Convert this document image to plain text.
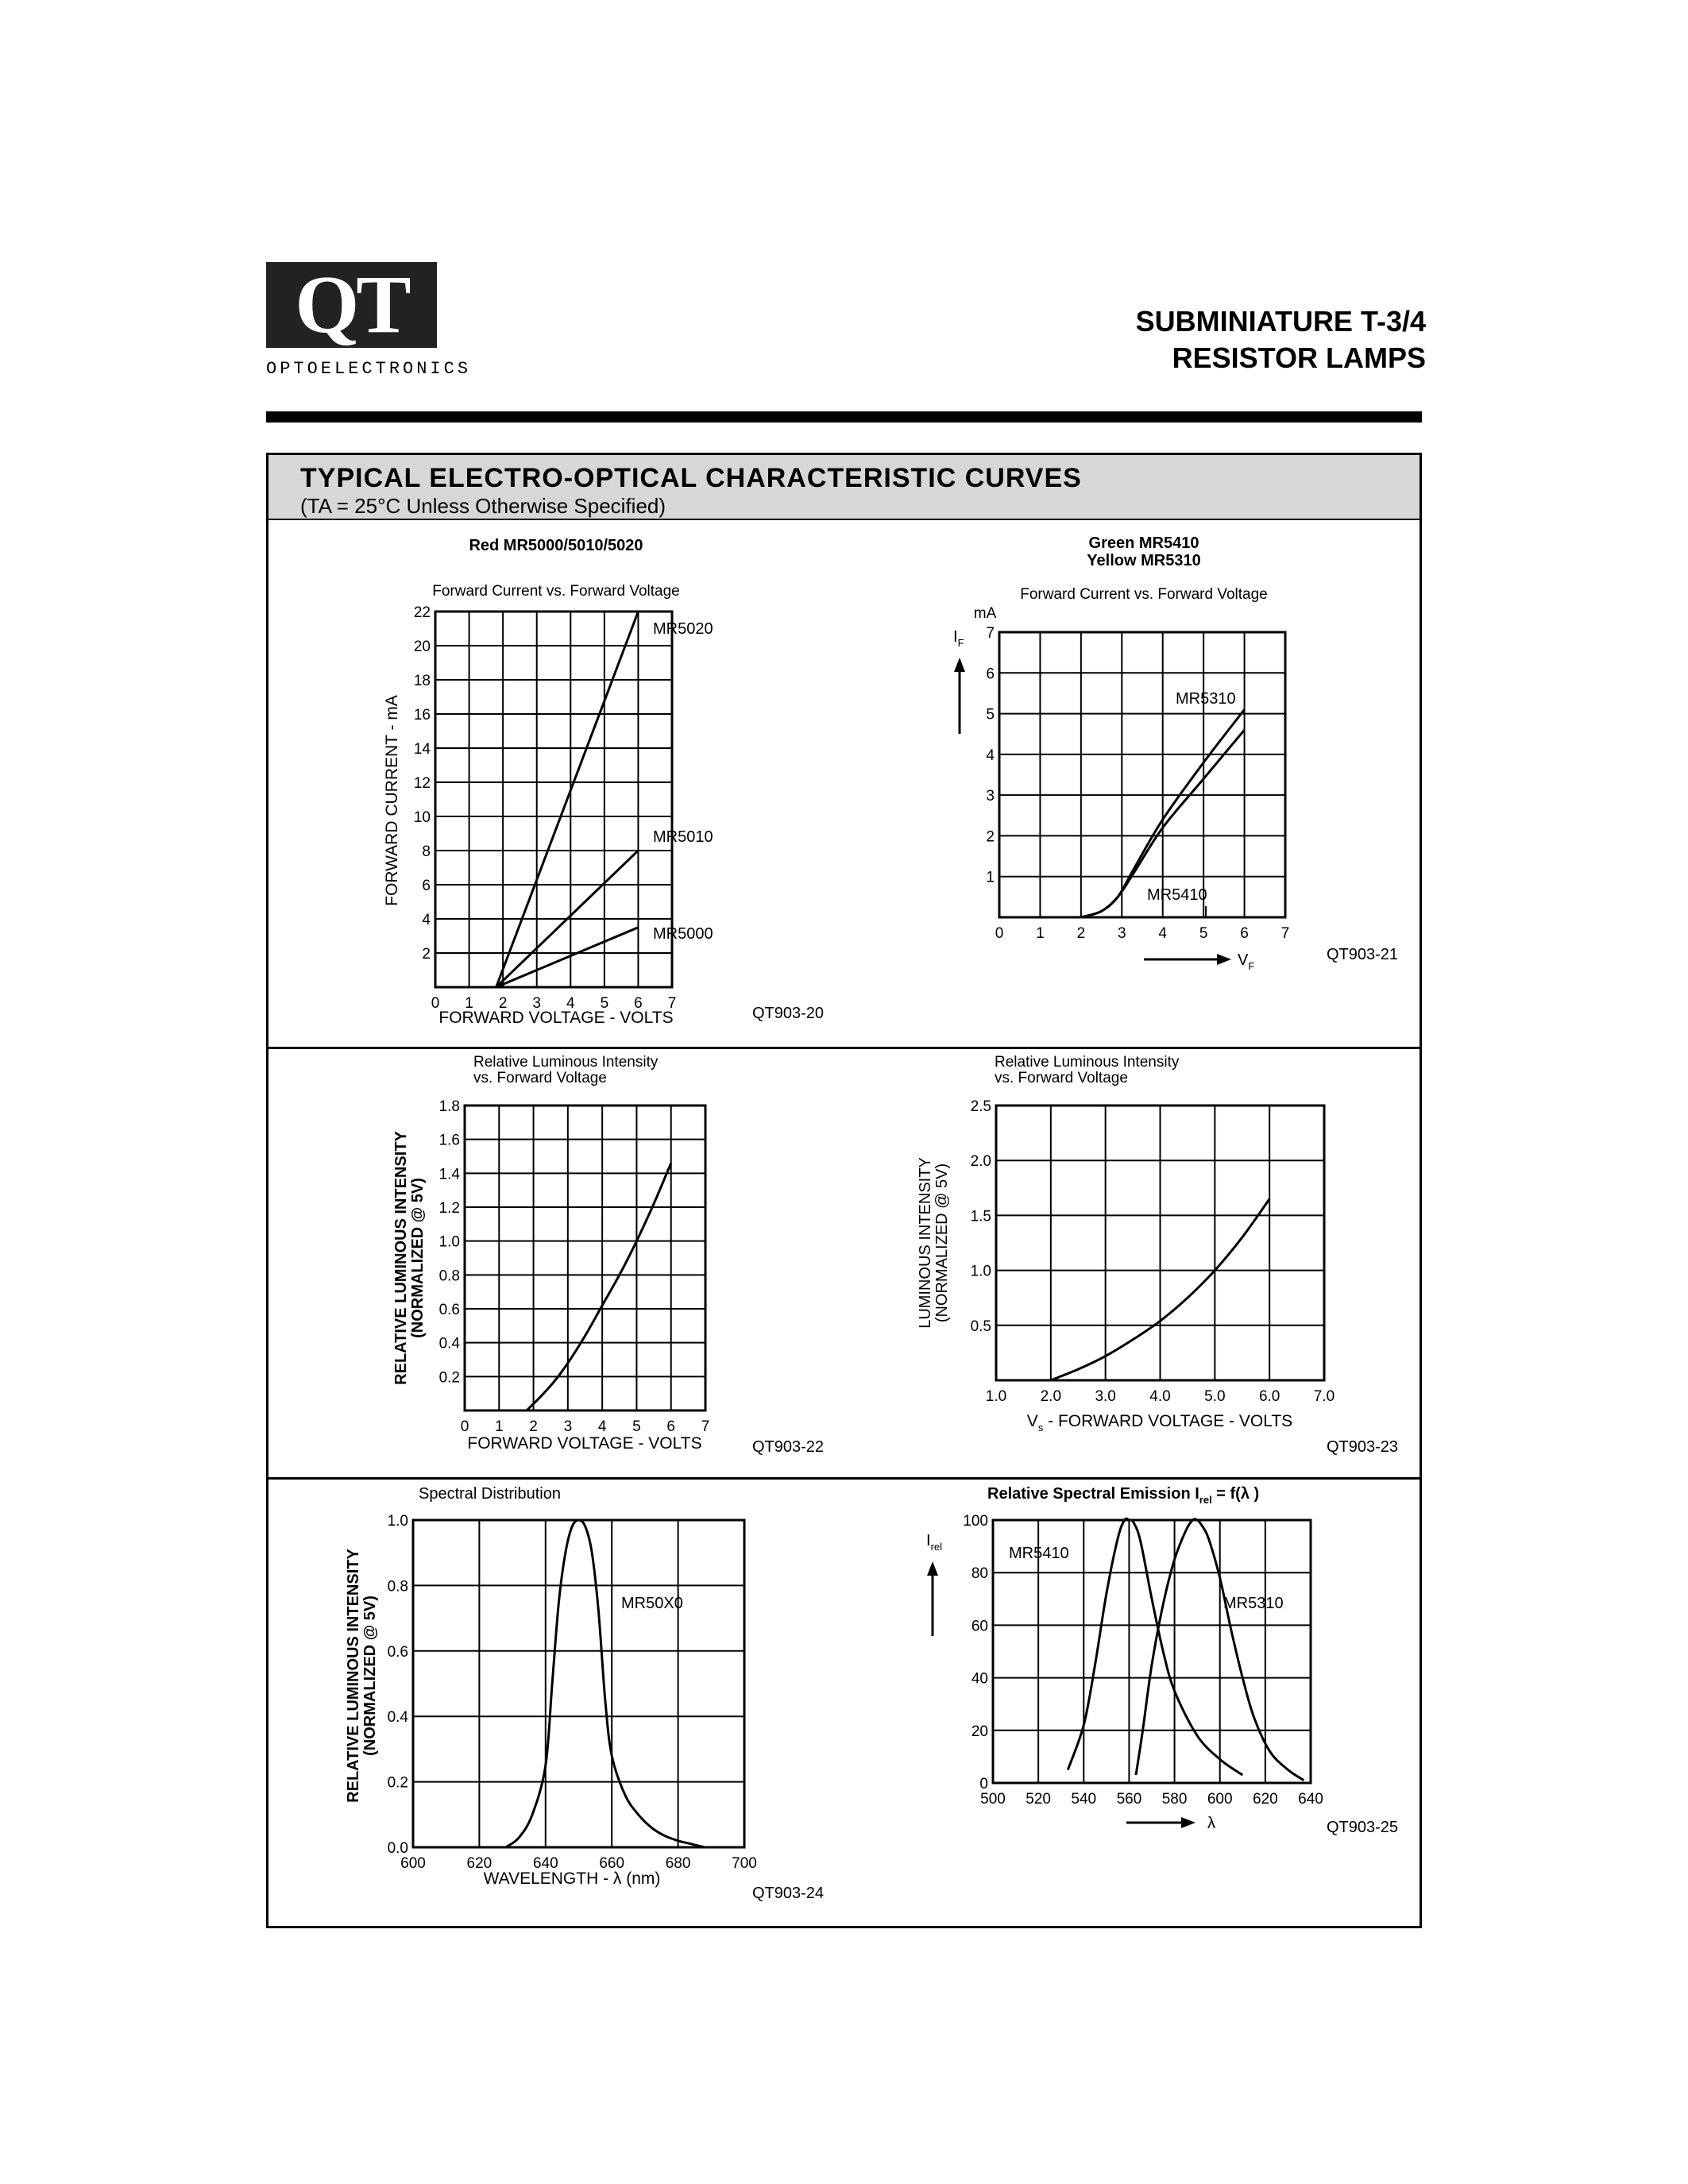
QT
OPTOELECTRONICS
SUBMINIATURE T-3/4
RESISTOR LAMPS
TYPICAL ELECTRO-OPTICAL CHARACTERISTIC CURVES
(TA = 25°C Unless Otherwise Specified)
0 1 2 3 4 5 6 7
2
4
6
8
10
12
14
16
18
20
22
Red MR5000/5010/5020
Forward Current vs. Forward Voltage
FORWARD CURRENT - mA
FORWARD VOLTAGE - VOLTS
MR5020
MR5010
MR5000
QT903-20
0 1 2 3 4 5 6 7
1
2
3
4
5
6
7
Green MR5410
Yellow MR5310
Forward Current vs. Forward Voltage
mA
$I_F$
$V_F$
MR5310
MR5410
QT903-21
0 1 2 3 4 5 6 7
0.2
0.4
0.6
0.8
1.0
1.2
1.4
1.6
1.8
Relative Luminous Intensity
vs. Forward Voltage
RELATIVE LUMINOUS INTENSITY (NORMALIZED @ 5V)
FORWARD VOLTAGE - VOLTS	QT903-22
1.0 2.0 3.0 4.0 5.0 6.0 7.0
0.5
1.0
1.5
2.0
2.5
Relative Luminous Intensity
vs. Forward Voltage
LUMINOUS INTENSITY (NORMALIZED @ 5V)
$V_s$ - FORWARD VOLTAGE - VOLTS
QT903-23
600	620	640	660	680	700
0.0
0.2
0.4
0.6
0.8
1.0
Spectral Distribution
RELATIVE LUMINOUS INTENSITY (NORMALIZED @ 5V)
WAVELENGTH - λ (nm)
MR50X0
QT903-24
500 520 540 560 580 600 620 640
0
20
40
60
80
100
Relative Spectral Emission $I_{rel} = f(\lambda$ )
$I_{rel}$
λ
MR5410
MR5310
QT903-25
